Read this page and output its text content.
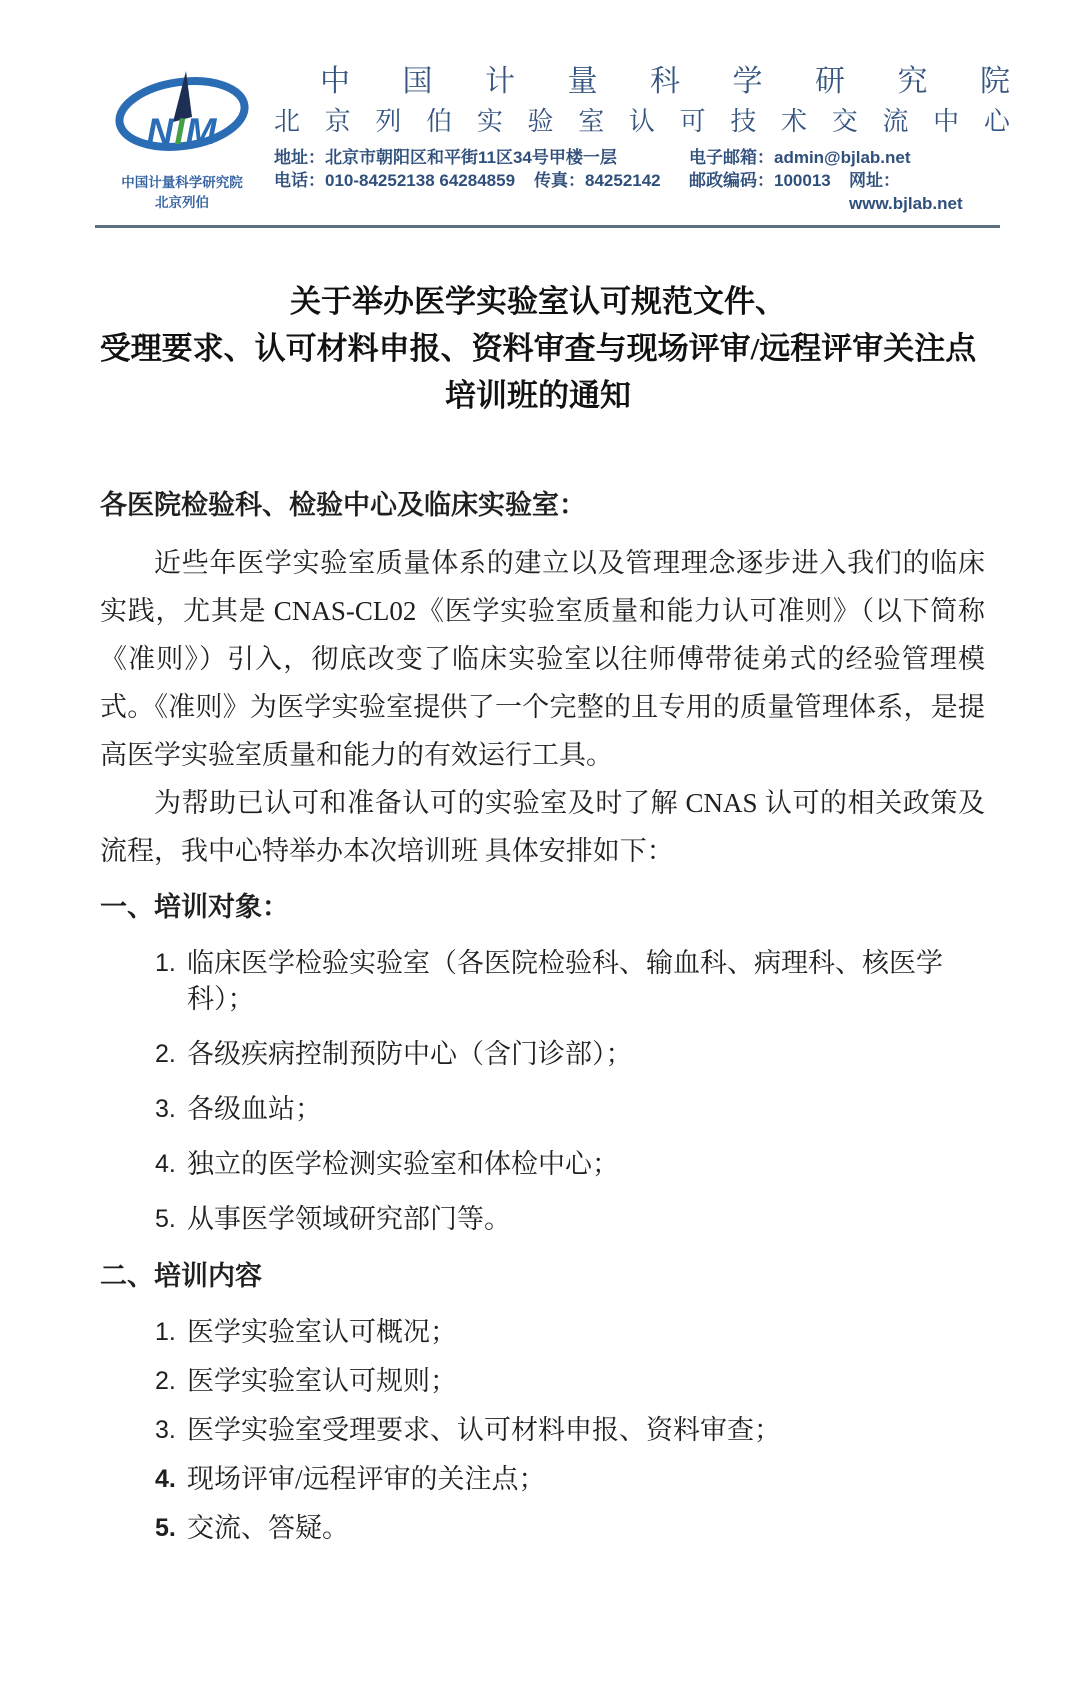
NIM
中国计量科学研究院
北京列伯
中 国 计 量 科 学 研 究 院
北 京 列 伯 实 验 室 认 可 技 术 交 流 中 心
地址：北京市朝阳区和平街11区34号甲楼一层	电子邮箱：admin@bjlab.net
电话：010-84252138 64284859	传真：84252142	邮政编码：100013	网址：www.bjlab.net
关于举办医学实验室认可规范文件、
受理要求、认可材料申报、资料审查与现场评审/远程评审关注点
培训班的通知
各医院检验科、检验中心及临床实验室：

近些年医学实验室质量体系的建立以及管理理念逐步进入我们的临床实践，尤其是 CNAS-CL02《医学实验室质量和能力认可准则》（以下简称《准则》）引入，彻底改变了临床实验室以往师傅带徒弟式的经验管理模式。《准则》为医学实验室提供了一个完整的且专用的质量管理体系，是提高医学实验室质量和能力的有效运行工具。

为帮助已认可和准备认可的实验室及时了解 CNAS 认可的相关政策及流程，我中心特举办本次培训班 具体安排如下：

一、培训对象：
1. 临床医学检验实验室（各医院检验科、输血科、病理科、核医学科）；
2. 各级疾病控制预防中心（含门诊部）；
3. 各级血站；
4. 独立的医学检测实验室和体检中心；
5. 从事医学领域研究部门等。
二、培训内容
1. 医学实验室认可概况；
2. 医学实验室认可规则；
3. 医学实验室受理要求、认可材料申报、资料审查；
4. 现场评审/远程评审的关注点；
5. 交流、答疑。
